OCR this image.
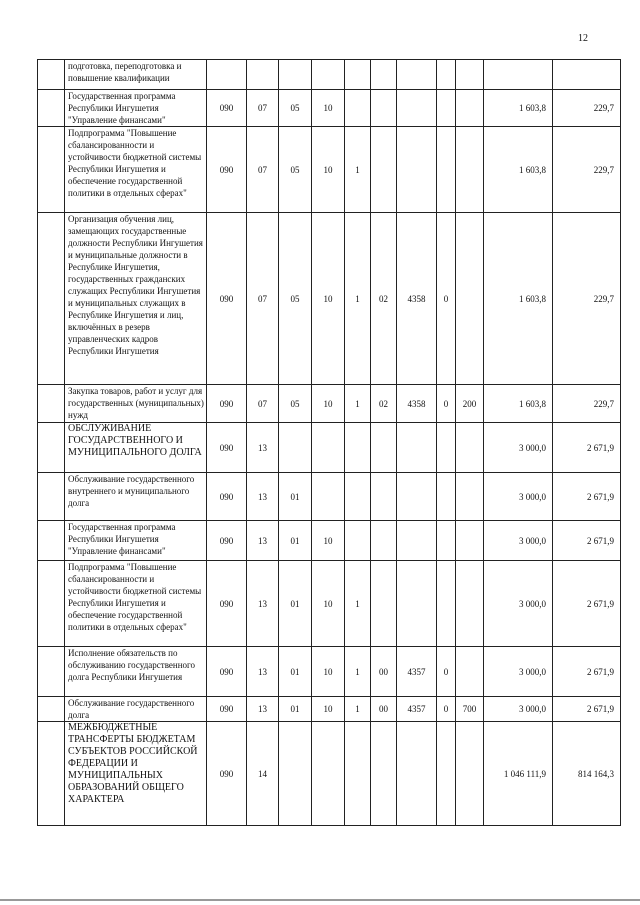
12
	подготовка, переподготовка и повышение квалификации											
	Государственная программа Республики Ингушетия "Управление финансами"	090	07	05	10						1 603,8	229,7
	Подпрограмма "Повышение сбалансированности и устойчивости бюджетной системы Республики Ингушетия и обеспечение государственной политики в отдельных сферах"	090	07	05	10	1					1 603,8	229,7
	Организация обучения лиц, замещающих государственные должности Республики Ингушетия и муниципальные должности в Республике Ингушетия, государственных гражданских служащих Республики Ингушетия и муниципальных служащих в Республике Ингушетия и лиц, включённых в резерв управленческих кадров Республики Ингушетия	090	07	05	10	1	02	4358	0		1 603,8	229,7
	Закупка товаров, работ и услуг для государственных (муниципальных) нужд	090	07	05	10	1	02	4358	0	200	1 603,8	229,7
	ОБСЛУЖИВАНИЕ ГОСУДАРСТВЕННОГО И МУНИЦИПАЛЬНОГО ДОЛГА	090	13								3 000,0	2 671,9
	Обслуживание государственного внутреннего и муниципального долга	090	13	01							3 000,0	2 671,9
	Государственная программа Республики Ингушетия "Управление финансами"	090	13	01	10						3 000,0	2 671,9
	Подпрограмма "Повышение сбалансированности и устойчивости бюджетной системы Республики Ингушетия и обеспечение государственной политики в отдельных сферах"	090	13	01	10	1					3 000,0	2 671,9
	Исполнение обязательств по обслуживанию государственного долга Республики Ингушетия	090	13	01	10	1	00	4357	0		3 000,0	2 671,9
	Обслуживание государственного долга	090	13	01	10	1	00	4357	0	700	3 000,0	2 671,9
	МЕЖБЮДЖЕТНЫЕ ТРАНСФЕРТЫ БЮДЖЕТАМ СУБЪЕКТОВ РОССИЙСКОЙ ФЕДЕРАЦИИ И МУНИЦИПАЛЬНЫХ ОБРАЗОВАНИЙ ОБЩЕГО ХАРАКТЕРА	090	14								1 046 111,9	814 164,3
